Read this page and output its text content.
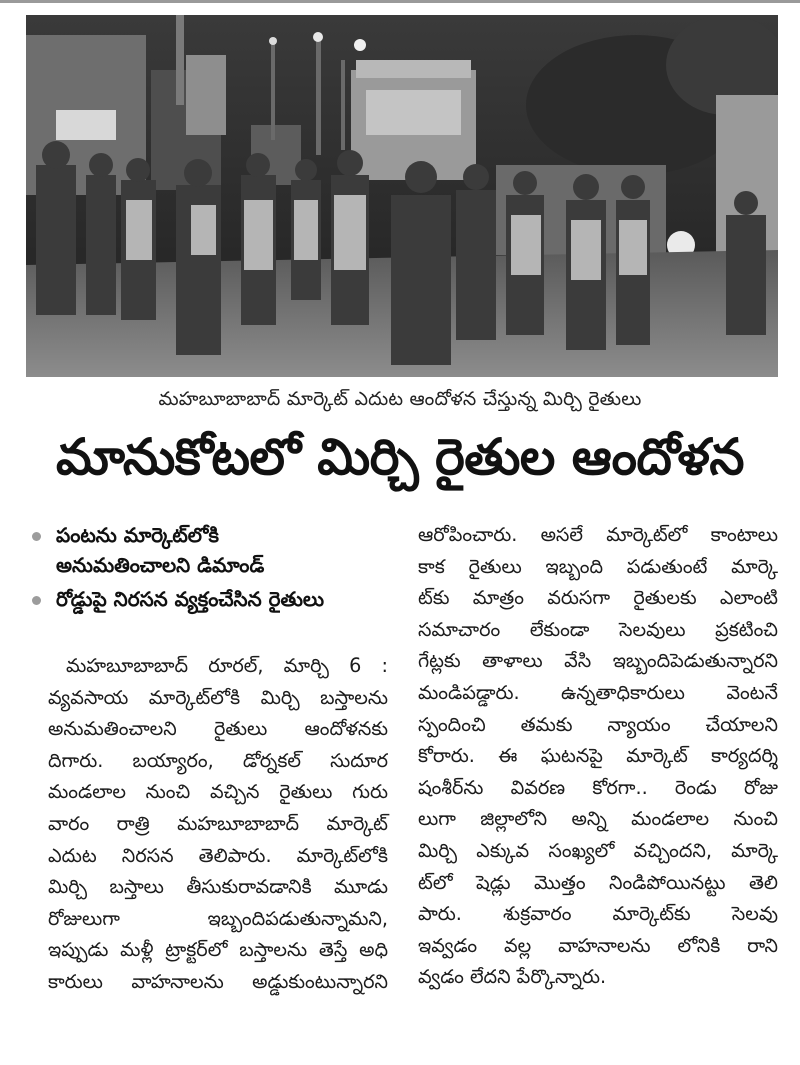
మహబూబాబాద్ మార్కెట్ ఎదుట ఆందోళన చేస్తున్న మిర్చి రైతులు
మానుకోటలో మిర్చి రైతుల ఆందోళన
పంటను మార్కెట్‌లోకి
అనుమతించాలని డిమాండ్
రోడ్డుపై నిరసన వ్యక్తంచేసిన రైతులు
మహబూబాబాద్ రూరల్, మార్చి 6 :
వ్యవసాయ మార్కెట్‌లోకి మిర్చి బస్తాలను
అనుమతించాలని రైతులు ఆందోళనకు
దిగారు. బయ్యారం, డోర్నకల్ సుదూర
మండలాల నుంచి వచ్చిన రైతులు గురు
వారం రాత్రి మహబూబాబాద్ మార్కెట్
ఎదుట నిరసన తెలిపారు. మార్కెట్‌లోకి
మిర్చి బస్తాలు తీసుకురావడానికి మూడు
రోజులుగా ఇబ్బందిపడుతున్నామని,
ఇప్పుడు మళ్లీ ట్రాక్టర్‌లో బస్తాలను తెస్తే అధి
కారులు వాహనాలను అడ్డుకుంటున్నారని
ఆరోపించారు. అసలే మార్కెట్‌లో కాంటాలు
కాక రైతులు ఇబ్బంది పడుతుంటే మార్కె
ట్‌కు మాత్రం వరుసగా రైతులకు ఎలాంటి
సమాచారం లేకుండా సెలవులు ప్రకటించి
గేట్లకు తాళాలు వేసి ఇబ్బందిపెడుతున్నారని
మండిపడ్డారు. ఉన్నతాధికారులు వెంటనే
స్పందించి తమకు న్యాయం చేయాలని
కోరారు. ఈ ఘటనపై మార్కెట్ కార్యదర్శి
షంశీర్‌ను వివరణ కోరగా.. రెండు రోజు
లుగా జిల్లాలోని అన్ని మండలాల నుంచి
మిర్చి ఎక్కువ సంఖ్యలో వచ్చిందని, మార్కె
ట్‌లో షెడ్లు మొత్తం నిండిపోయినట్టు తెలి
పారు. శుక్రవారం మార్కెట్‌కు సెలవు
ఇవ్వడం వల్ల వాహనాలను లోనికి రాని
వ్వడం లేదని పేర్కొన్నారు.
